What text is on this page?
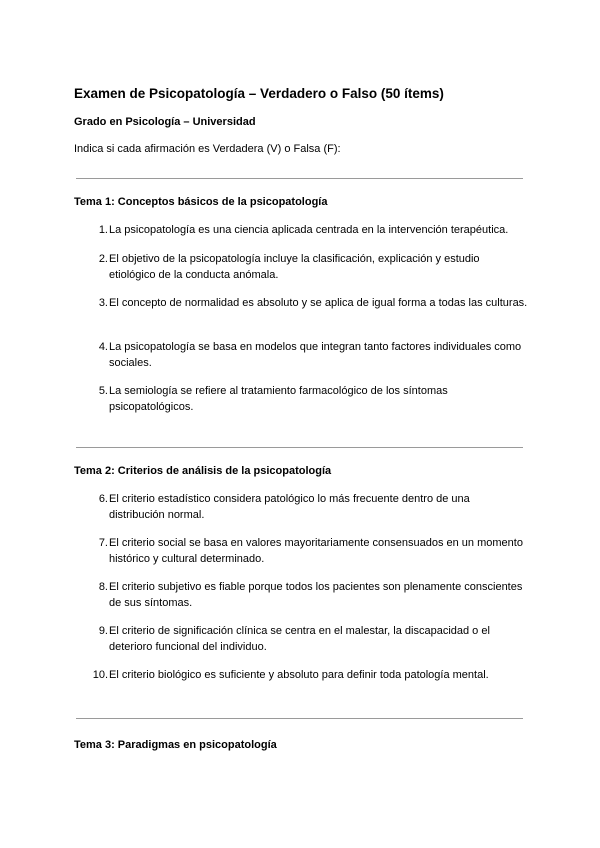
Examen de Psicopatología – Verdadero o Falso (50 ítems)
Grado en Psicología – Universidad
Indica si cada afirmación es Verdadera (V) o Falsa (F):
Tema 1: Conceptos básicos de la psicopatología
1. La psicopatología es una ciencia aplicada centrada en la intervención terapéutica.
2. El objetivo de la psicopatología incluye la clasificación, explicación y estudio etiológico de la conducta anómala.
3. El concepto de normalidad es absoluto y se aplica de igual forma a todas las culturas.
4. La psicopatología se basa en modelos que integran tanto factores individuales como sociales.
5. La semiología se refiere al tratamiento farmacológico de los síntomas psicopatológicos.
Tema 2: Criterios de análisis de la psicopatología
6. El criterio estadístico considera patológico lo más frecuente dentro de una distribución normal.
7. El criterio social se basa en valores mayoritariamente consensuados en un momento histórico y cultural determinado.
8. El criterio subjetivo es fiable porque todos los pacientes son plenamente conscientes de sus síntomas.
9. El criterio de significación clínica se centra en el malestar, la discapacidad o el deterioro funcional del individuo.
10. El criterio biológico es suficiente y absoluto para definir toda patología mental.
Tema 3: Paradigmas en psicopatología
